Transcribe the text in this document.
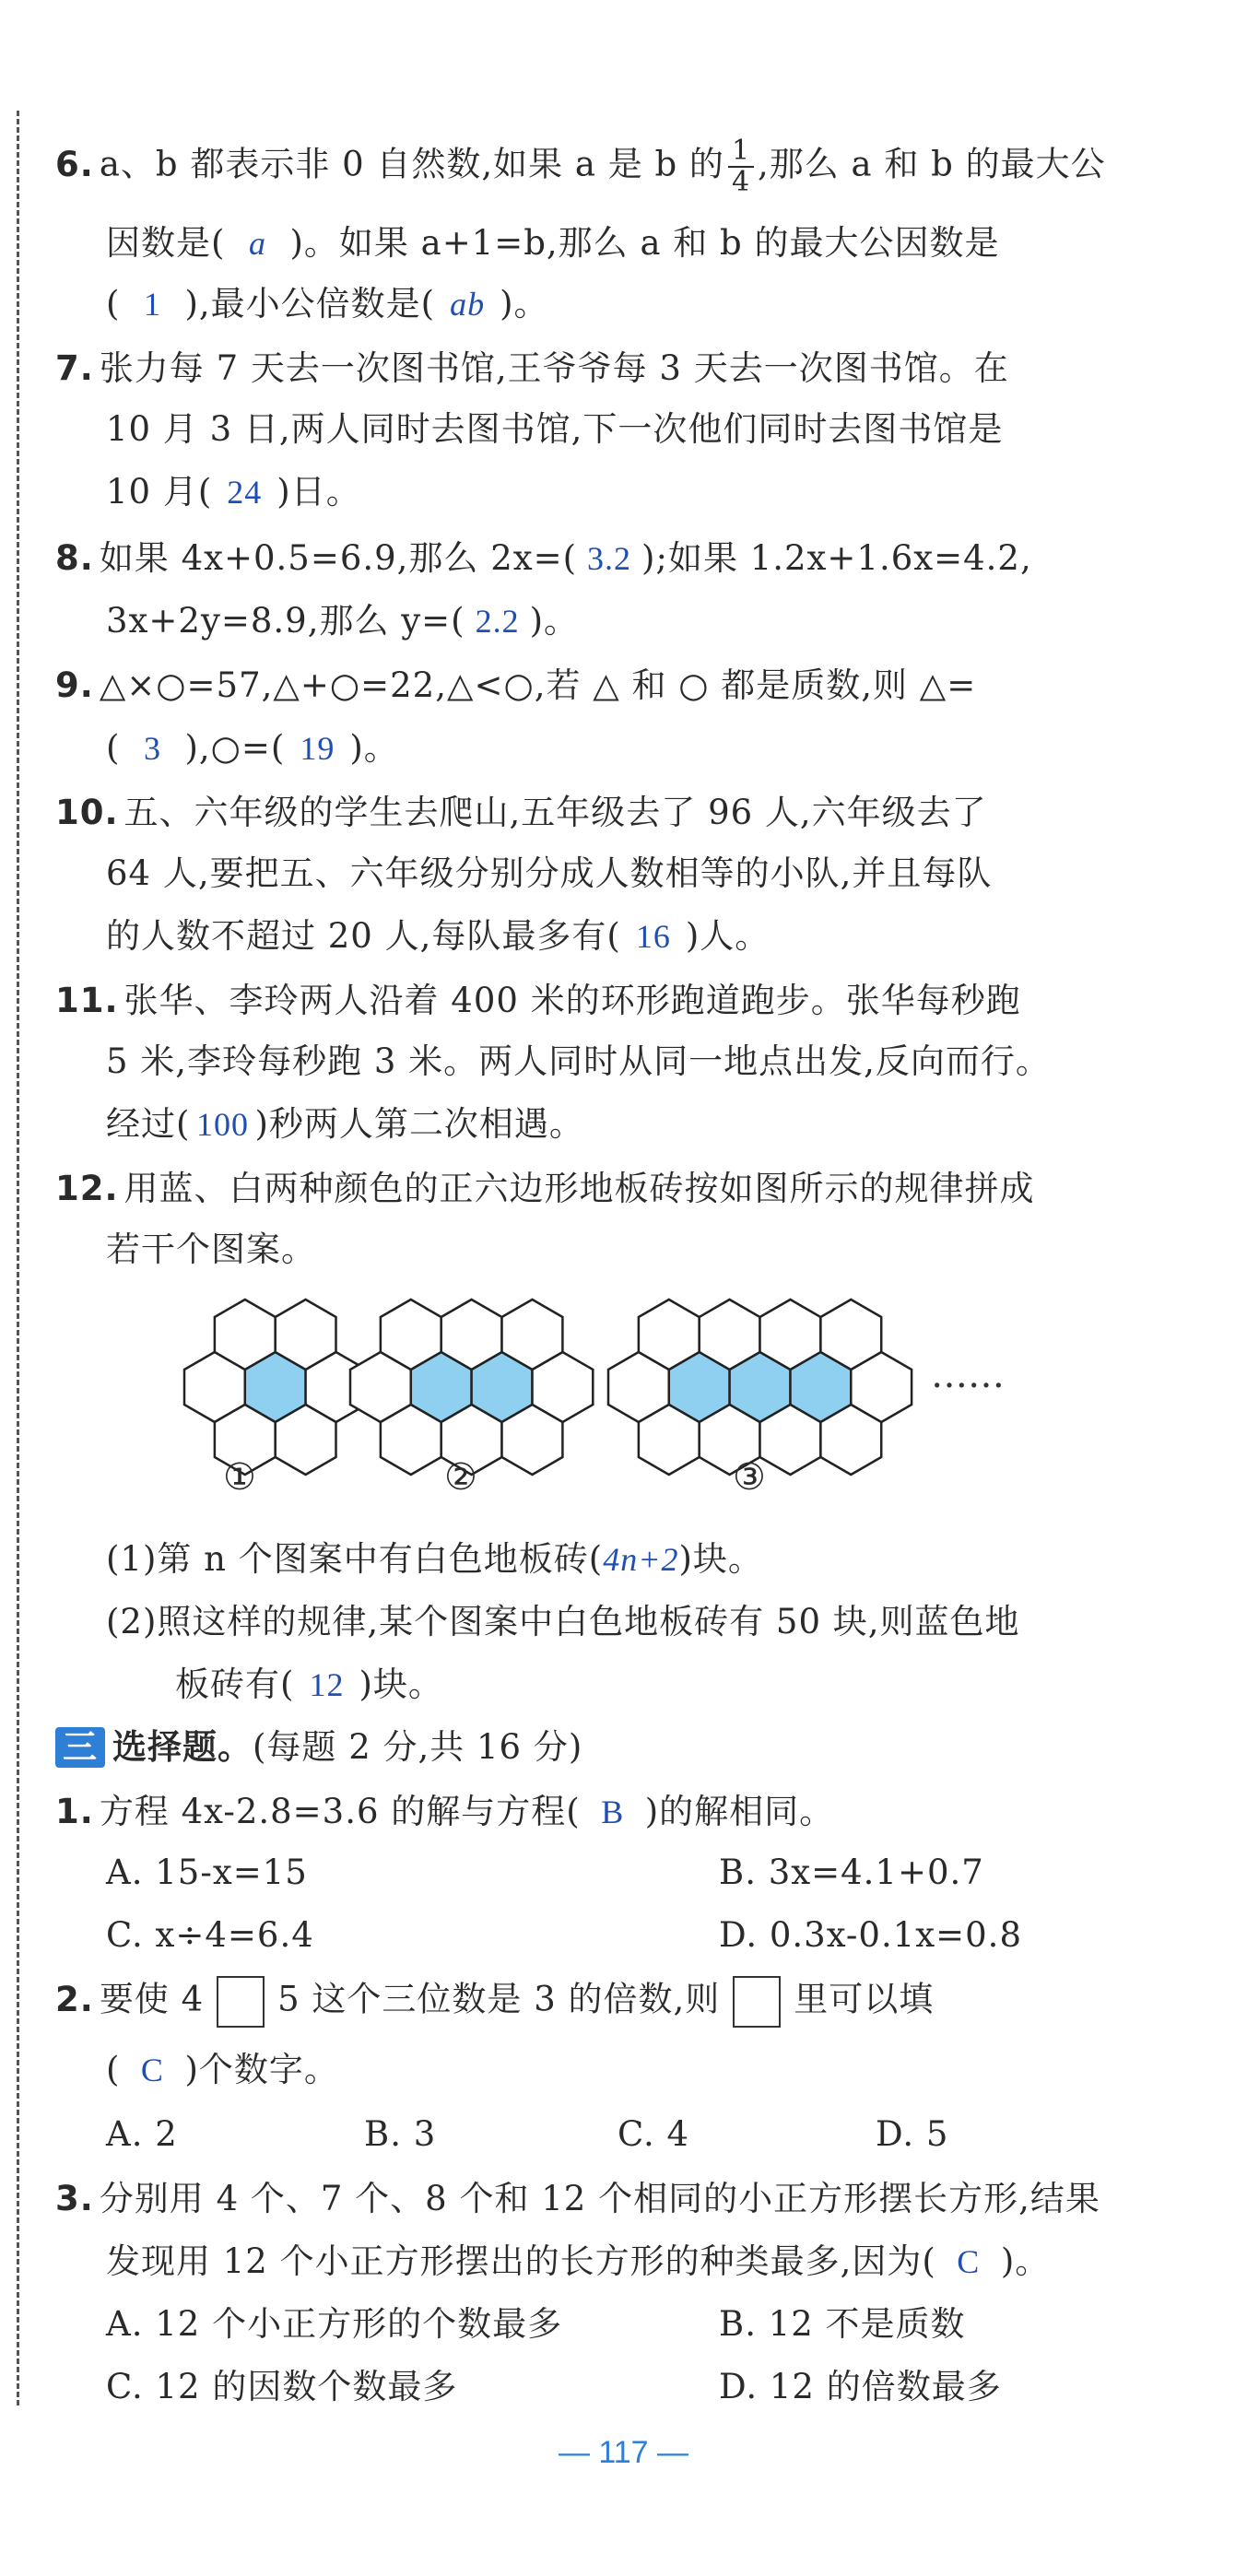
6. a、b 都表示非 0 自然数,如果 a 是 b 的 $\frac{1}{4}$ ,那么 a 和 b 的最大公
因数是( a )。如果 a+1=b,那么 a 和 b 的最大公因数是
( 1 ),最小公倍数是( ab )。
7. 张力每 7 天去一次图书馆,王爷爷每 3 天去一次图书馆。在
10 月 3 日,两人同时去图书馆,下一次他们同时去图书馆是
10 月( 24 )日。
8. 如果 4x+0.5=6.9,那么 2x=( 3.2 );如果 1.2x+1.6x=4.2,
3x+2y=8.9,那么 y=( 2.2 )。
9. △×○=57,△+○=22,△<○,若 △ 和 ○ 都是质数,则 △=
( 3 ),○=( 19 )。
10. 五、六年级的学生去爬山,五年级去了 96 人,六年级去了
64 人,要把五、六年级分别分成人数相等的小队,并且每队
的人数不超过 20 人,每队最多有( 16 )人。
11. 张华、李玲两人沿着 400 米的环形跑道跑步。张华每秒跑
5 米,李玲每秒跑 3 米。两人同时从同一地点出发,反向而行。
经过( 100 )秒两人第二次相遇。
12. 用蓝、白两种颜色的正六边形地板砖按如图所示的规律拼成
若干个图案。
……
①	②	③
(1)第 n 个图案中有白色地板砖(4n+2)块。
(2)照这样的规律,某个图案中白色地板砖有 50 块,则蓝色地
板砖有( 12 )块。
三 选择题。(每题 2 分,共 16 分)
1. 方程 4x-2.8=3.6 的解与方程( B )的解相同。
A. 15-x=15	B. 3x=4.1+0.7
C. x÷4=6.4	D. 0.3x-0.1x=0.8
2. 要使 4 5 这个三位数是 3 的倍数,则 里可以填
( C )个数字。
A. 2	B. 3	C. 4	D. 5
3. 分别用 4 个、7 个、8 个和 12 个相同的小正方形摆长方形,结果
发现用 12 个小正方形摆出的长方形的种类最多,因为( C )。
A. 12 个小正方形的个数最多	B. 12 不是质数
C. 12 的因数个数最多	D. 12 的倍数最多
— 117 —
